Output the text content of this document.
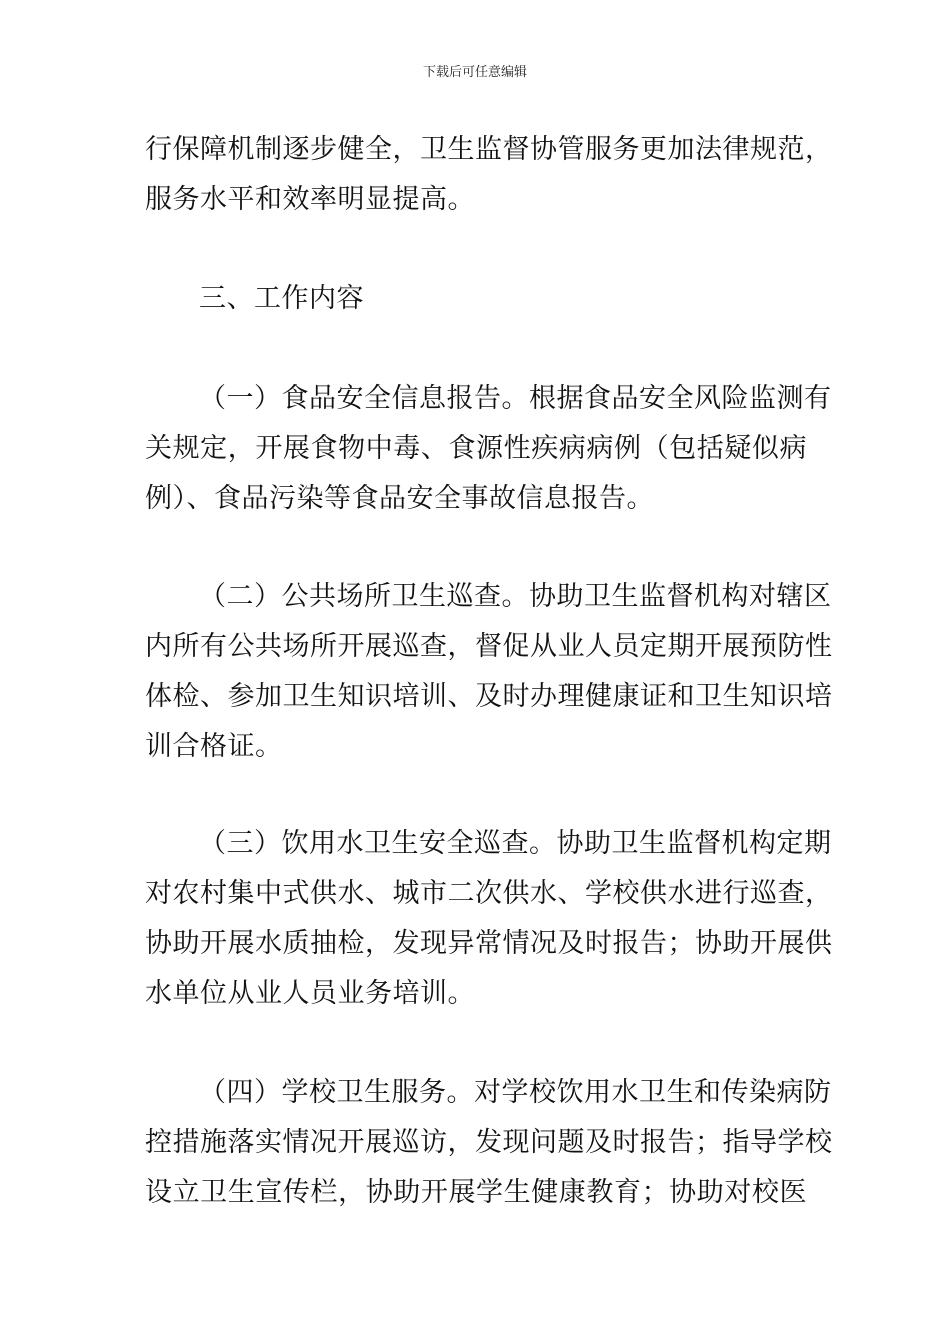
下载后可任意编辑
行保障机制逐步健全，卫生监督协管服务更加法律规范，
服务水平和效率明显提高。
三、工作内容
（一）食品安全信息报告。根据食品安全风险监测有
关规定，开展食物中毒、食源性疾病病例（包括疑似病
例）、食品污染等食品安全事故信息报告。
（二）公共场所卫生巡查。协助卫生监督机构对辖区
内所有公共场所开展巡查，督促从业人员定期开展预防性
体检、参加卫生知识培训、及时办理健康证和卫生知识培
训合格证。
（三）饮用水卫生安全巡查。协助卫生监督机构定期
对农村集中式供水、城市二次供水、学校供水进行巡查，
协助开展水质抽检，发现异常情况及时报告；协助开展供
水单位从业人员业务培训。
（四）学校卫生服务。对学校饮用水卫生和传染病防
控措施落实情况开展巡访，发现问题及时报告；指导学校
设立卫生宣传栏，协助开展学生健康教育；协助对校医
